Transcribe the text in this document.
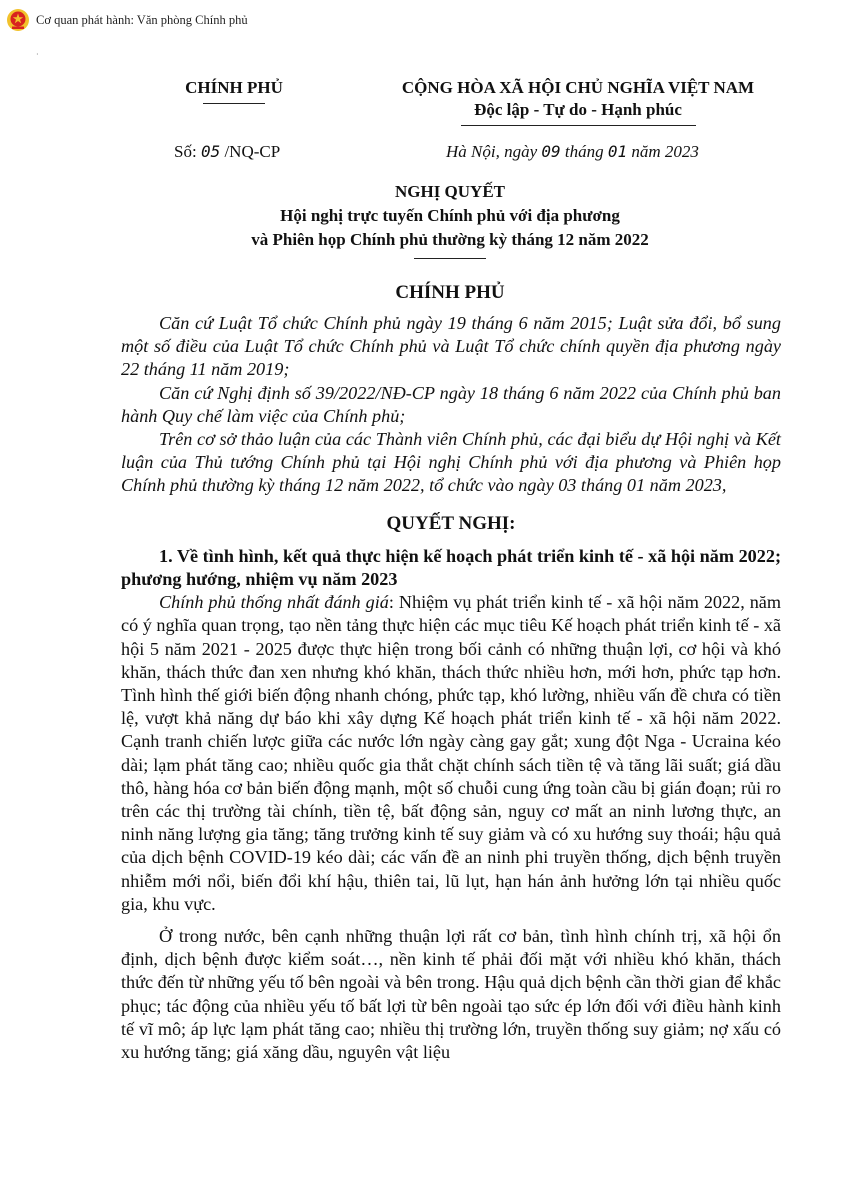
Cơ quan phát hành: Văn phòng Chính phủ
·
CHÍNH PHỦ	CỘNG HÒA XÃ HỘI CHỦ NGHĨA VIỆT NAM
Độc lập - Tự do - Hạnh phúc
Số: 05 /NQ-CP	Hà Nội, ngày 09 tháng 01 năm 2023
NGHỊ QUYẾT
Hội nghị trực tuyến Chính phủ với địa phương
và Phiên họp Chính phủ thường kỳ tháng 12 năm 2022
CHÍNH PHỦ

Căn cứ Luật Tổ chức Chính phủ ngày 19 tháng 6 năm 2015; Luật sửa đổi, bổ sung một số điều của Luật Tổ chức Chính phủ và Luật Tổ chức chính quyền địa phương ngày 22 tháng 11 năm 2019;

Căn cứ Nghị định số 39/2022/NĐ-CP ngày 18 tháng 6 năm 2022 của Chính phủ ban hành Quy chế làm việc của Chính phủ;

Trên cơ sở thảo luận của các Thành viên Chính phủ, các đại biểu dự Hội nghị và Kết luận của Thủ tướng Chính phủ tại Hội nghị Chính phủ với địa phương và Phiên họp Chính phủ thường kỳ tháng 12 năm 2022, tổ chức vào ngày 03 tháng 01 năm 2023,

QUYẾT NGHỊ:

1. Về tình hình, kết quả thực hiện kế hoạch phát triển kinh tế - xã hội năm 2022; phương hướng, nhiệm vụ năm 2023

Chính phủ thống nhất đánh giá: Nhiệm vụ phát triển kinh tế - xã hội năm 2022, năm có ý nghĩa quan trọng, tạo nền tảng thực hiện các mục tiêu Kế hoạch phát triển kinh tế - xã hội 5 năm 2021 - 2025 được thực hiện trong bối cảnh có những thuận lợi, cơ hội và khó khăn, thách thức đan xen nhưng khó khăn, thách thức nhiều hơn, mới hơn, phức tạp hơn. Tình hình thế giới biến động nhanh chóng, phức tạp, khó lường, nhiều vấn đề chưa có tiền lệ, vượt khả năng dự báo khi xây dựng Kế hoạch phát triển kinh tế - xã hội năm 2022. Cạnh tranh chiến lược giữa các nước lớn ngày càng gay gắt; xung đột Nga - Ucraina kéo dài; lạm phát tăng cao; nhiều quốc gia thắt chặt chính sách tiền tệ và tăng lãi suất; giá dầu thô, hàng hóa cơ bản biến động mạnh, một số chuỗi cung ứng toàn cầu bị gián đoạn; rủi ro trên các thị trường tài chính, tiền tệ, bất động sản, nguy cơ mất an ninh lương thực, an ninh năng lượng gia tăng; tăng trưởng kinh tế suy giảm và có xu hướng suy thoái; hậu quả của dịch bệnh COVID-19 kéo dài; các vấn đề an ninh phi truyền thống, dịch bệnh truyền nhiễm mới nổi, biến đổi khí hậu, thiên tai, lũ lụt, hạn hán ảnh hưởng lớn tại nhiều quốc gia, khu vực.

Ở trong nước, bên cạnh những thuận lợi rất cơ bản, tình hình chính trị, xã hội ổn định, dịch bệnh được kiểm soát…, nền kinh tế phải đối mặt với nhiều khó khăn, thách thức đến từ những yếu tố bên ngoài và bên trong. Hậu quả dịch bệnh cần thời gian để khắc phục; tác động của nhiều yếu tố bất lợi từ bên ngoài tạo sức ép lớn đối với điều hành kinh tế vĩ mô; áp lực lạm phát tăng cao; nhiều thị trường lớn, truyền thống suy giảm; nợ xấu có xu hướng tăng; giá xăng dầu, nguyên vật liệu
